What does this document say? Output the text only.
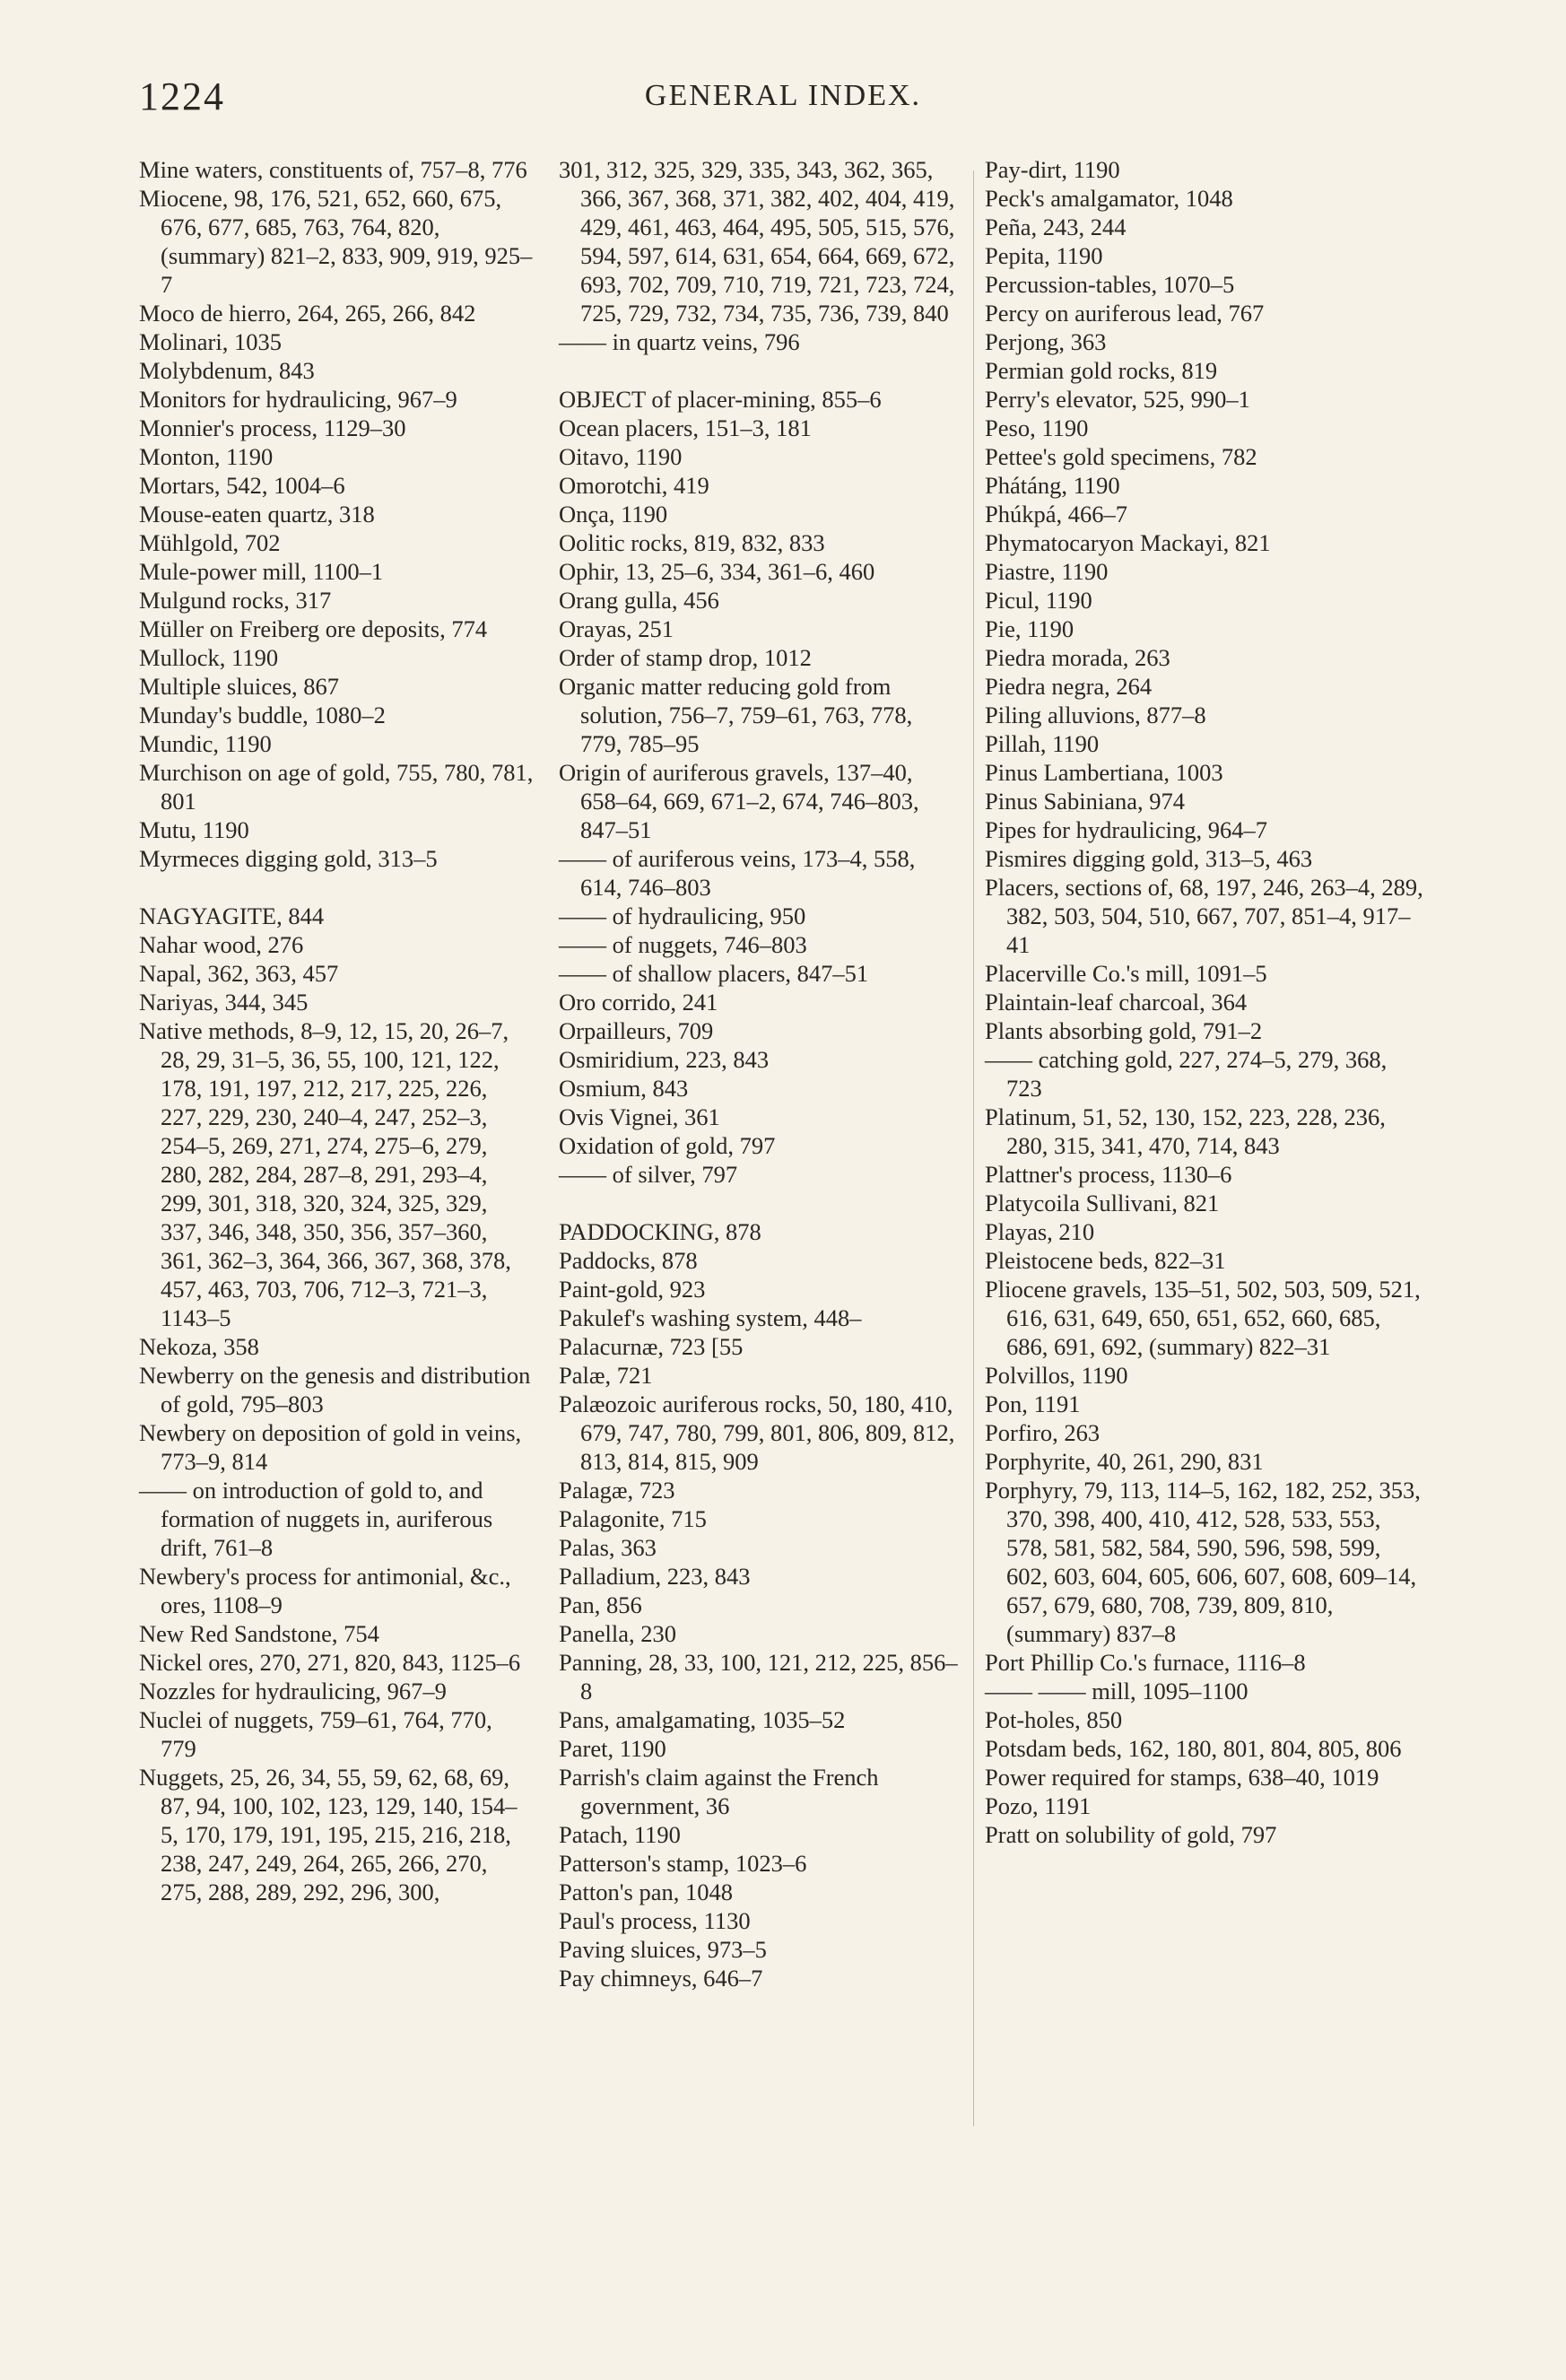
1224	GENERAL INDEX.
Mine waters, constituents of, 757–8, 776
Miocene, 98, 176, 521, 652, 660, 675, 676, 677, 685, 763, 764, 820, (summary) 821–2, 833, 909, 919, 925–7
Moco de hierro, 264, 265, 266, 842
Molinari, 1035
Molybdenum, 843
Monitors for hydraulicing, 967–9
Monnier's process, 1129–30
Monton, 1190
Mortars, 542, 1004–6
Mouse-eaten quartz, 318
Mühlgold, 702
Mule-power mill, 1100–1
Mulgund rocks, 317
Müller on Freiberg ore deposits, 774
Mullock, 1190
Multiple sluices, 867
Munday's buddle, 1080–2
Mundic, 1190
Murchison on age of gold, 755, 780, 781, 801
Mutu, 1190
Myrmeces digging gold, 313–5
NAGYAGITE, 844
Nahar wood, 276
Napal, 362, 363, 457
Nariyas, 344, 345
Native methods, 8–9, 12, 15, 20, 26–7, 28, 29, 31–5, 36, 55, 100, 121, 122, 178, 191, 197, 212, 217, 225, 226, 227, 229, 230, 240–4, 247, 252–3, 254–5, 269, 271, 274, 275–6, 279, 280, 282, 284, 287–8, 291, 293–4, 299, 301, 318, 320, 324, 325, 329, 337, 346, 348, 350, 356, 357–360, 361, 362–3, 364, 366, 367, 368, 378, 457, 463, 703, 706, 712–3, 721–3, 1143–5
Nekoza, 358
Newberry on the genesis and distribution of gold, 795–803
Newbery on deposition of gold in veins, 773–9, 814
—— on introduction of gold to, and formation of nuggets in, auriferous drift, 761–8
Newbery's process for antimonial, &c., ores, 1108–9
New Red Sandstone, 754
Nickel ores, 270, 271, 820, 843, 1125–6
Nozzles for hydraulicing, 967–9
Nuclei of nuggets, 759–61, 764, 770, 779
Nuggets, 25, 26, 34, 55, 59, 62, 68, 69, 87, 94, 100, 102, 123, 129, 140, 154–5, 170, 179, 191, 195, 215, 216, 218, 238, 247, 249, 264, 265, 266, 270, 275, 288, 289, 292, 296, 300,
301, 312, 325, 329, 335, 343, 362, 365, 366, 367, 368, 371, 382, 402, 404, 419, 429, 461, 463, 464, 495, 505, 515, 576, 594, 597, 614, 631, 654, 664, 669, 672, 693, 702, 709, 710, 719, 721, 723, 724, 725, 729, 732, 734, 735, 736, 739, 840
—— in quartz veins, 796
OBJECT of placer-mining, 855–6
Ocean placers, 151–3, 181
Oitavo, 1190
Omorotchi, 419
Onça, 1190
Oolitic rocks, 819, 832, 833
Ophir, 13, 25–6, 334, 361–6, 460
Orang gulla, 456
Orayas, 251
Order of stamp drop, 1012
Organic matter reducing gold from solution, 756–7, 759–61, 763, 778, 779, 785–95
Origin of auriferous gravels, 137–40, 658–64, 669, 671–2, 674, 746–803, 847–51
—— of auriferous veins, 173–4, 558, 614, 746–803
—— of hydraulicing, 950
—— of nuggets, 746–803
—— of shallow placers, 847–51
Oro corrido, 241
Orpailleurs, 709
Osmiridium, 223, 843
Osmium, 843
Ovis Vignei, 361
Oxidation of gold, 797
—— of silver, 797
PADDOCKING, 878
Paddocks, 878
Paint-gold, 923
Pakulef's washing system, 448–
Palacurnæ, 723 [55
Palæ, 721
Palæozoic auriferous rocks, 50, 180, 410, 679, 747, 780, 799, 801, 806, 809, 812, 813, 814, 815, 909
Palagæ, 723
Palagonite, 715
Palas, 363
Palladium, 223, 843
Pan, 856
Panella, 230
Panning, 28, 33, 100, 121, 212, 225, 856–8
Pans, amalgamating, 1035–52
Paret, 1190
Parrish's claim against the French government, 36
Patach, 1190
Patterson's stamp, 1023–6
Patton's pan, 1048
Paul's process, 1130
Paving sluices, 973–5
Pay chimneys, 646–7
Pay-dirt, 1190
Peck's amalgamator, 1048
Peña, 243, 244
Pepita, 1190
Percussion-tables, 1070–5
Percy on auriferous lead, 767
Perjong, 363
Permian gold rocks, 819
Perry's elevator, 525, 990–1
Peso, 1190
Pettee's gold specimens, 782
Phátáng, 1190
Phúkpá, 466–7
Phymatocaryon Mackayi, 821
Piastre, 1190
Picul, 1190
Pie, 1190
Piedra morada, 263
Piedra negra, 264
Piling alluvions, 877–8
Pillah, 1190
Pinus Lambertiana, 1003
Pinus Sabiniana, 974
Pipes for hydraulicing, 964–7
Pismires digging gold, 313–5, 463
Placers, sections of, 68, 197, 246, 263–4, 289, 382, 503, 504, 510, 667, 707, 851–4, 917–41
Placerville Co.'s mill, 1091–5
Plaintain-leaf charcoal, 364
Plants absorbing gold, 791–2
—— catching gold, 227, 274–5, 279, 368, 723
Platinum, 51, 52, 130, 152, 223, 228, 236, 280, 315, 341, 470, 714, 843
Plattner's process, 1130–6
Platycoila Sullivani, 821
Playas, 210
Pleistocene beds, 822–31
Pliocene gravels, 135–51, 502, 503, 509, 521, 616, 631, 649, 650, 651, 652, 660, 685, 686, 691, 692, (summary) 822–31
Polvillos, 1190
Pon, 1191
Porfiro, 263
Porphyrite, 40, 261, 290, 831
Porphyry, 79, 113, 114–5, 162, 182, 252, 353, 370, 398, 400, 410, 412, 528, 533, 553, 578, 581, 582, 584, 590, 596, 598, 599, 602, 603, 604, 605, 606, 607, 608, 609–14, 657, 679, 680, 708, 739, 809, 810, (summary) 837–8
Port Phillip Co.'s furnace, 1116–8
—— —— mill, 1095–1100
Pot-holes, 850
Potsdam beds, 162, 180, 801, 804, 805, 806
Power required for stamps, 638–40, 1019
Pozo, 1191
Pratt on solubility of gold, 797
